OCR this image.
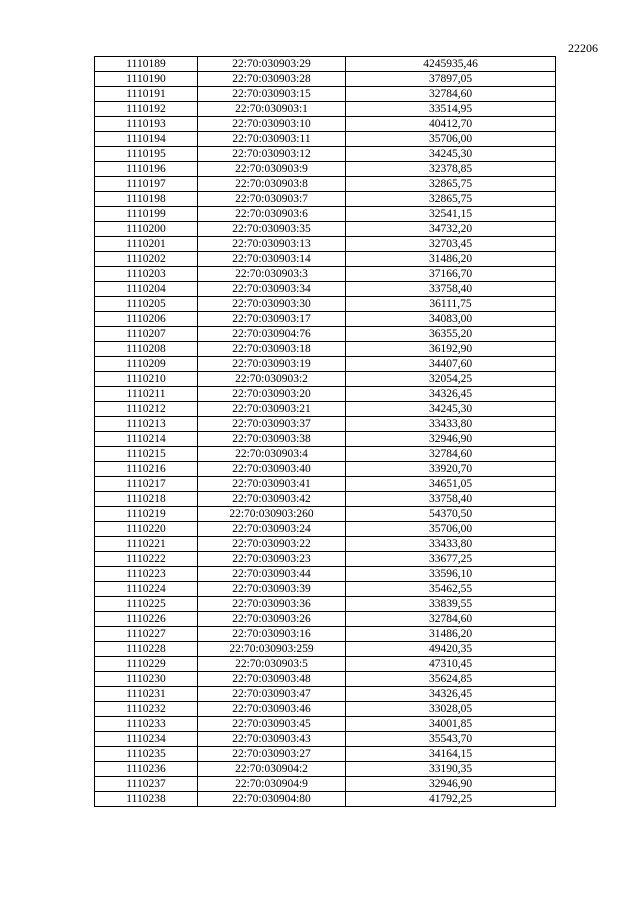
22206
1110189	22:70:030903:29	4245935,46
1110190	22:70:030903:28	37897,05
1110191	22:70:030903:15	32784,60
1110192	22:70:030903:1	33514,95
1110193	22:70:030903:10	40412,70
1110194	22:70:030903:11	35706,00
1110195	22:70:030903:12	34245,30
1110196	22:70:030903:9	32378,85
1110197	22:70:030903:8	32865,75
1110198	22:70:030903:7	32865,75
1110199	22:70:030903:6	32541,15
1110200	22:70:030903:35	34732,20
1110201	22:70:030903:13	32703,45
1110202	22:70:030903:14	31486,20
1110203	22:70:030903:3	37166,70
1110204	22:70:030903:34	33758,40
1110205	22:70:030903:30	36111,75
1110206	22:70:030903:17	34083,00
1110207	22:70:030904:76	36355,20
1110208	22:70:030903:18	36192,90
1110209	22:70:030903:19	34407,60
1110210	22:70:030903:2	32054,25
1110211	22:70:030903:20	34326,45
1110212	22:70:030903:21	34245,30
1110213	22:70:030903:37	33433,80
1110214	22:70:030903:38	32946,90
1110215	22:70:030903:4	32784,60
1110216	22:70:030903:40	33920,70
1110217	22:70:030903:41	34651,05
1110218	22:70:030903:42	33758,40
1110219	22:70:030903:260	54370,50
1110220	22:70:030903:24	35706,00
1110221	22:70:030903:22	33433,80
1110222	22:70:030903:23	33677,25
1110223	22:70:030903:44	33596,10
1110224	22:70:030903:39	35462,55
1110225	22:70:030903:36	33839,55
1110226	22:70:030903:26	32784,60
1110227	22:70:030903:16	31486,20
1110228	22:70:030903:259	49420,35
1110229	22:70:030903:5	47310,45
1110230	22:70:030903:48	35624,85
1110231	22:70:030903:47	34326,45
1110232	22:70:030903:46	33028,05
1110233	22:70:030903:45	34001,85
1110234	22:70:030903:43	35543,70
1110235	22:70:030903:27	34164,15
1110236	22:70:030904:2	33190,35
1110237	22:70:030904:9	32946,90
1110238	22:70:030904:80	41792,25
